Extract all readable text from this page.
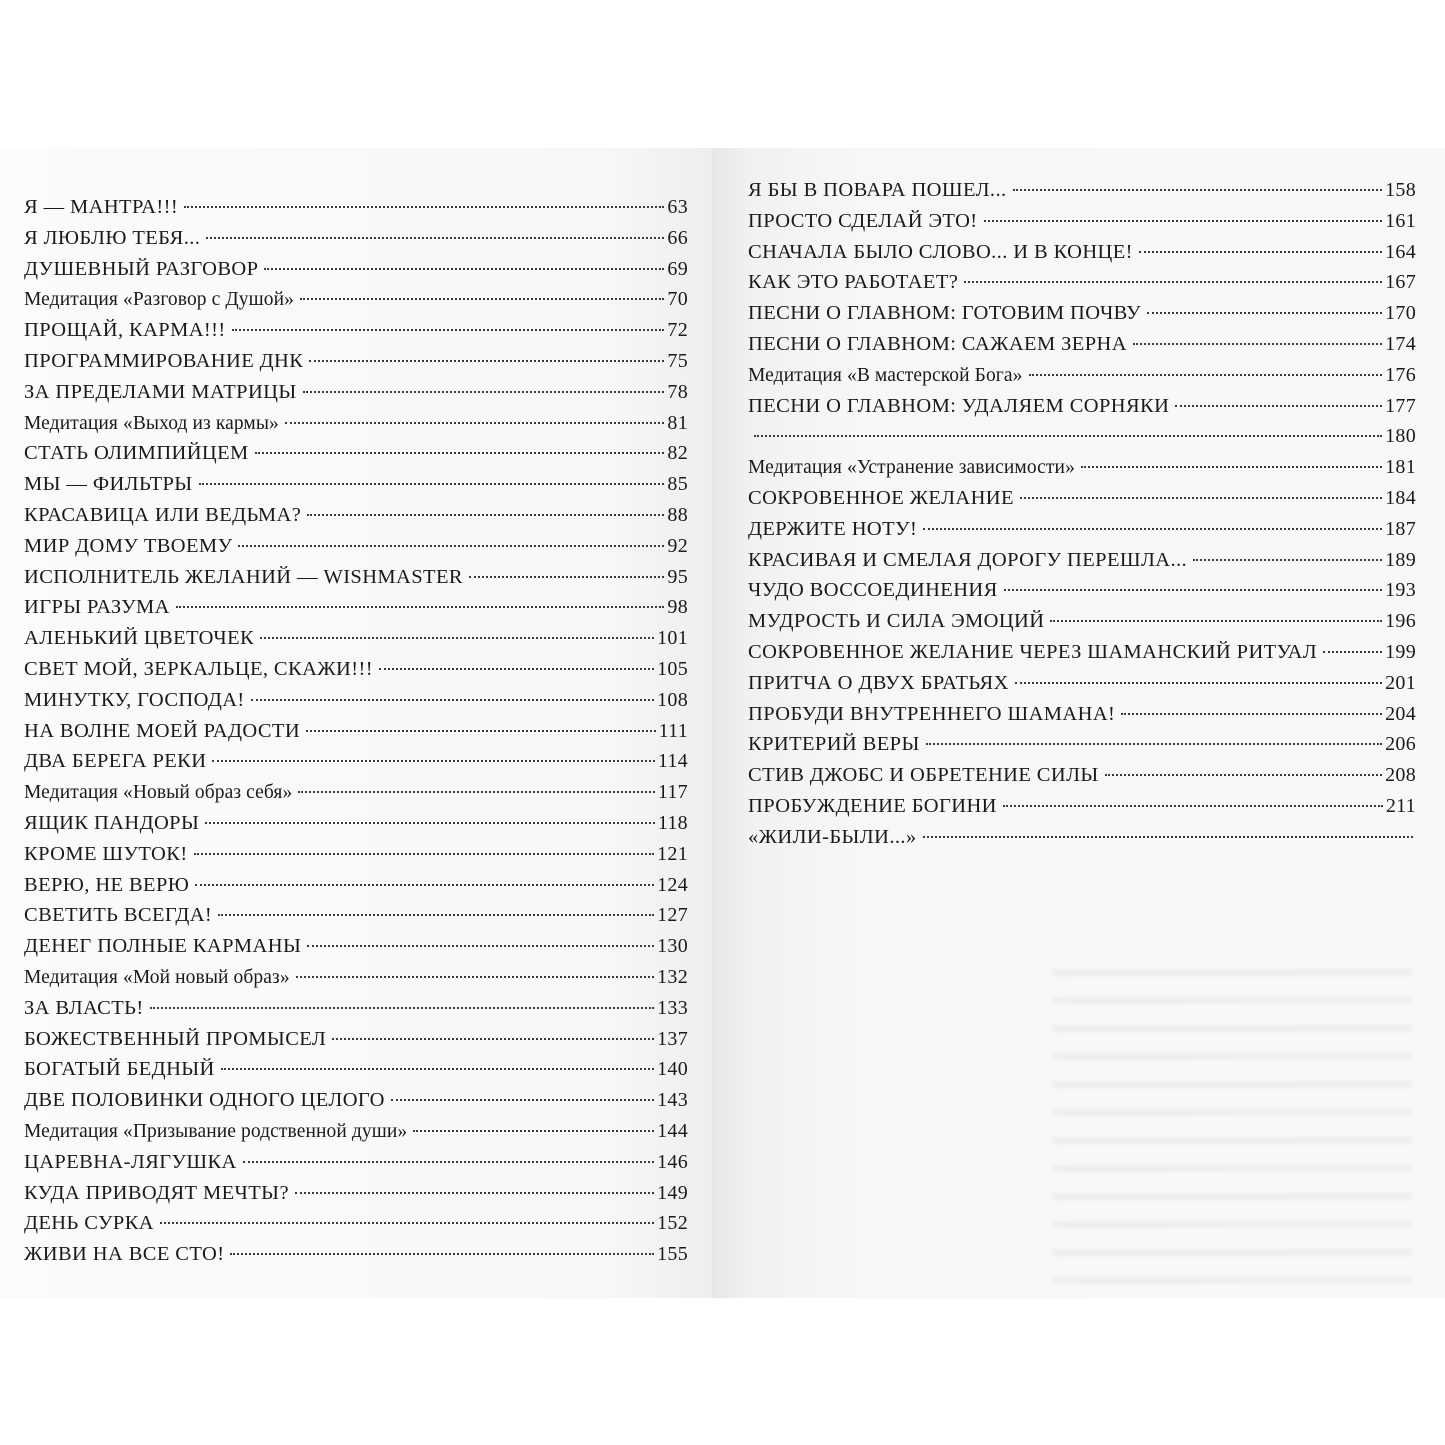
Я — МАНТРА!!!	63
Я ЛЮБЛЮ ТЕБЯ...	66
ДУШЕВНЫЙ РАЗГОВОР	69
Медитация «Разговор с Душой»	70
ПРОЩАЙ, КАРМА!!!	72
ПРОГРАММИРОВАНИЕ ДНК	75
ЗА ПРЕДЕЛАМИ МАТРИЦЫ	78
Медитация «Выход из кармы»	81
СТАТЬ ОЛИМПИЙЦЕМ	82
МЫ — ФИЛЬТРЫ	85
КРАСАВИЦА ИЛИ ВЕДЬМА?	88
МИР ДОМУ ТВОЕМУ	92
ИСПОЛНИТЕЛЬ ЖЕЛАНИЙ — WISHMASTER	95
ИГРЫ РАЗУМА	98
АЛЕНЬКИЙ ЦВЕТОЧЕК	101
СВЕТ МОЙ, ЗЕРКАЛЬЦЕ, СКАЖИ!!!	105
МИНУТКУ, ГОСПОДА!	108
НА ВОЛНЕ МОЕЙ РАДОСТИ	111
ДВА БЕРЕГА РЕКИ	114
Медитация «Новый образ себя»	117
ЯЩИК ПАНДОРЫ	118
КРОМЕ ШУТОК!	121
ВЕРЮ, НЕ ВЕРЮ	124
СВЕТИТЬ ВСЕГДА!	127
ДЕНЕГ ПОЛНЫЕ КАРМАНЫ	130
Медитация «Мой новый образ»	132
ЗА ВЛАСТЬ!	133
БОЖЕСТВЕННЫЙ ПРОМЫСЕЛ	137
БОГАТЫЙ БЕДНЫЙ	140
ДВЕ ПОЛОВИНКИ ОДНОГО ЦЕЛОГО	143
Медитация «Призывание родственной души»	144
ЦАРЕВНА-ЛЯГУШКА	146
КУДА ПРИВОДЯТ МЕЧТЫ?	149
ДЕНЬ СУРКА	152
ЖИВИ НА ВСЕ СТО!	155
Я БЫ В ПОВАРА ПОШЕЛ...	158
ПРОСТО СДЕЛАЙ ЭТО!	161
СНАЧАЛА БЫЛО СЛОВО... И В КОНЦЕ!	164
КАК ЭТО РАБОТАЕТ?	167
ПЕСНИ О ГЛАВНОМ: ГОТОВИМ ПОЧВУ	170
ПЕСНИ О ГЛАВНОМ: САЖАЕМ ЗЕРНА	174
Медитация «В мастерской Бога»	176
ПЕСНИ О ГЛАВНОМ: УДАЛЯЕМ СОРНЯКИ	177
180
Медитация «Устранение зависимости»	181
СОКРОВЕННОЕ ЖЕЛАНИЕ	184
ДЕРЖИТЕ НОТУ!	187
КРАСИВАЯ И СМЕЛАЯ ДОРОГУ ПЕРЕШЛА...	189
ЧУДО ВОССОЕДИНЕНИЯ	193
МУДРОСТЬ И СИЛА ЭМОЦИЙ	196
СОКРОВЕННОЕ ЖЕЛАНИЕ ЧЕРЕЗ ШАМАНСКИЙ РИТУАЛ	199
ПРИТЧА О ДВУХ БРАТЬЯХ	201
ПРОБУДИ ВНУТРЕННЕГО ШАМАНА!	204
КРИТЕРИЙ ВЕРЫ	206
СТИВ ДЖОБС И ОБРЕТЕНИЕ СИЛЫ	208
ПРОБУЖДЕНИЕ БОГИНИ	211
«ЖИЛИ-БЫЛИ...»
